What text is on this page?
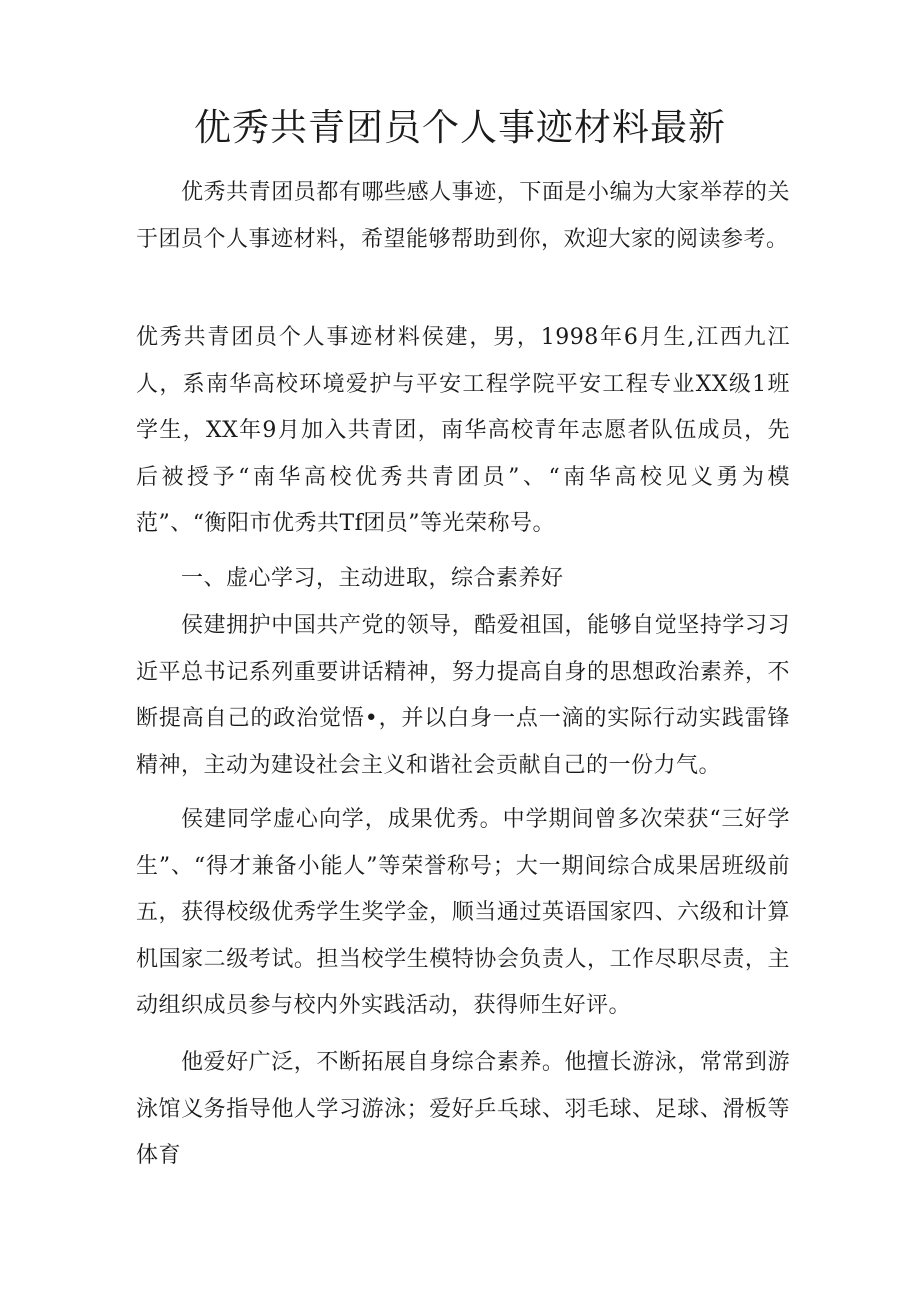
优秀共青团员个人事迹材料最新

优秀共青团员都有哪些感人事迹，下面是小编为大家举荐的关于团员个人事迹材料，希望能够帮助到你，欢迎大家的阅读参考。

优秀共青团员个人事迹材料侯建，男，1998年6月生,江西九江人，系南华高校环境爱护与平安工程学院平安工程专业XX级1班学生，XX年9月加入共青团，南华高校青年志愿者队伍成员，先后被授予“南华高校优秀共青团员”、“南华高校见义勇为模范”、“衡阳市优秀共Tf团员”等光荣称号。

一、虚心学习，主动进取，综合素养好

侯建拥护中国共产党的领导，酷爱祖国，能够自觉坚持学习习近平总书记系列重要讲话精神，努力提高自身的思想政治素养，不断提高自己的政治觉悟•，并以白身一点一滴的实际行动实践雷锋精神，主动为建设社会主义和谐社会贡献自己的一份力气。

侯建同学虚心向学，成果优秀。中学期间曾多次荣获“三好学生”、“得才兼备小能人”等荣誉称号；大一期间综合成果居班级前五，获得校级优秀学生奖学金，顺当通过英语国家四、六级和计算机国家二级考试。担当校学生模特协会负责人，工作尽职尽责，主动组织成员参与校内外实践活动，获得师生好评。

他爱好广泛，不断拓展自身综合素养。他擅长游泳，常常到游泳馆义务指导他人学习游泳；爱好乒乓球、羽毛球、足球、滑板等体育
